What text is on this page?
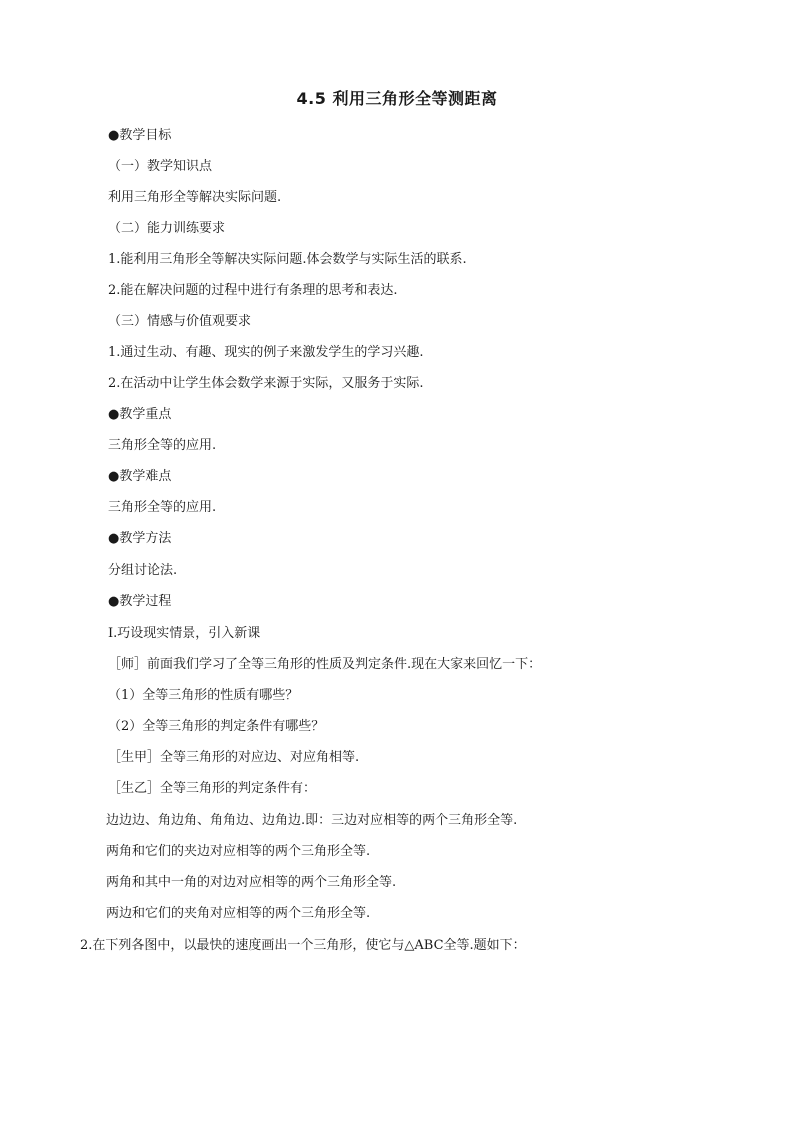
4.5 利用三角形全等测距离
●教学目标
（一）教学知识点
利用三角形全等解决实际问题.
（二）能力训练要求
1.能利用三角形全等解决实际问题.体会数学与实际生活的联系.
2.能在解决问题的过程中进行有条理的思考和表达.
（三）情感与价值观要求
1.通过生动、有趣、现实的例子来激发学生的学习兴趣.
2.在活动中让学生体会数学来源于实际，又服务于实际.
●教学重点
三角形全等的应用.
●教学难点
三角形全等的应用.
●教学方法
分组讨论法.
●教学过程
Ⅰ.巧设现实情景，引入新课
［师］前面我们学习了全等三角形的性质及判定条件.现在大家来回忆一下：
（1）全等三角形的性质有哪些？
（2）全等三角形的判定条件有哪些？
［生甲］全等三角形的对应边、对应角相等.
［生乙］全等三角形的判定条件有：
边边边、角边角、角角边、边角边.即：三边对应相等的两个三角形全等.
两角和它们的夹边对应相等的两个三角形全等.
两角和其中一角的对边对应相等的两个三角形全等.
两边和它们的夹角对应相等的两个三角形全等.
2.在下列各图中，以最快的速度画出一个三角形，使它与△ABC全等.题如下：
